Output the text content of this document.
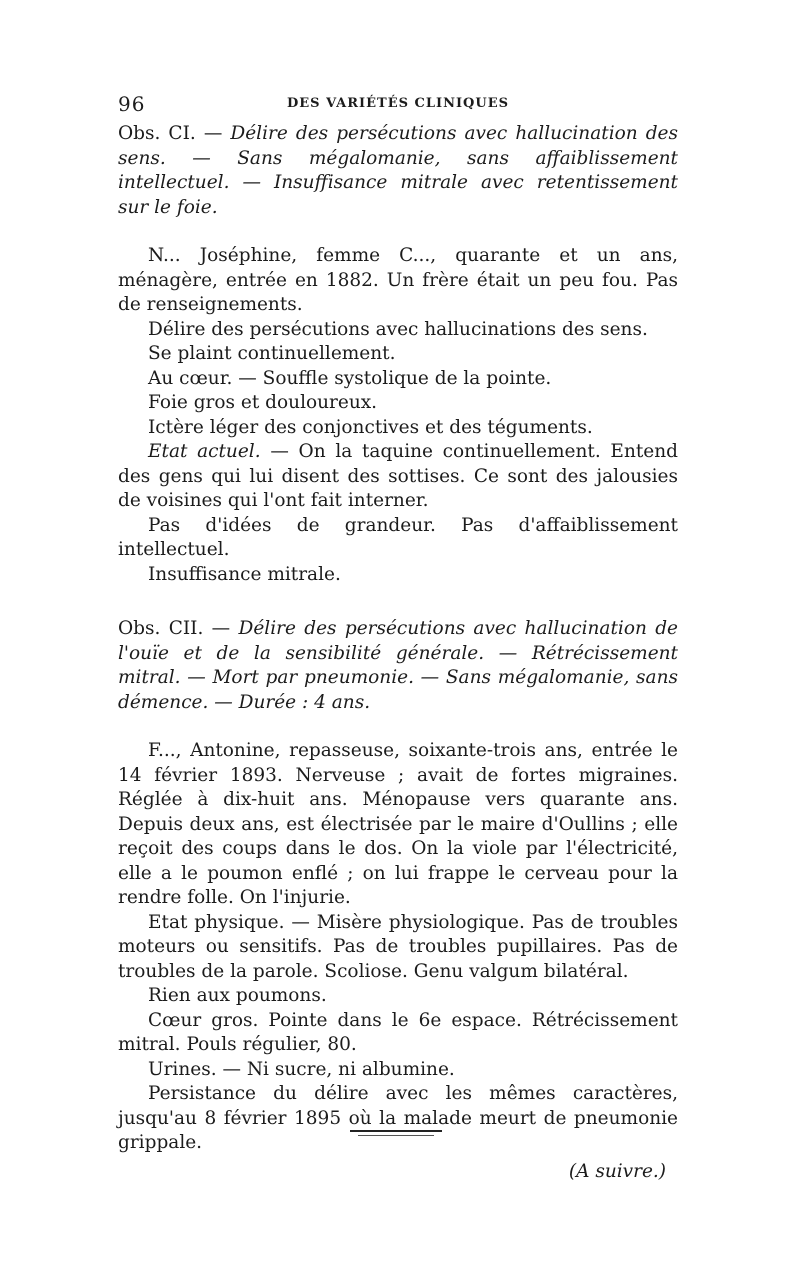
96	DES VARIÉTÉS CLINIQUES

Obs. CI. — Délire des persécutions avec hallucination des sens. — Sans mégalomanie, sans affaiblissement intellectuel. — Insuffisance mitrale avec retentissement sur le foie.

N... Joséphine, femme C..., quarante et un ans, ménagère, entrée en 1882. Un frère était un peu fou. Pas de renseignements.

Délire des persécutions avec hallucinations des sens.

Se plaint continuellement.

Au cœur. — Souffle systolique de la pointe.

Foie gros et douloureux.

Ictère léger des conjonctives et des téguments.

Etat actuel. — On la taquine continuellement. Entend des gens qui lui disent des sottises. Ce sont des jalousies de voisines qui l'ont fait interner.

Pas d'idées de grandeur. Pas d'affaiblissement intellectuel.

Insuffisance mitrale.

Obs. CII. — Délire des persécutions avec hallucination de l'ouïe et de la sensibilité générale. — Rétrécissement mitral. — Mort par pneumonie. — Sans mégalomanie, sans démence. — Durée : 4 ans.

F..., Antonine, repasseuse, soixante-trois ans, entrée le 14 février 1893. Nerveuse ; avait de fortes migraines. Réglée à dix-huit ans. Ménopause vers quarante ans. Depuis deux ans, est électrisée par le maire d'Oullins ; elle reçoit des coups dans le dos. On la viole par l'électricité, elle a le poumon enflé ; on lui frappe le cerveau pour la rendre folle. On l'injurie.

Etat physique. — Misère physiologique. Pas de troubles moteurs ou sensitifs. Pas de troubles pupillaires. Pas de troubles de la parole. Scoliose. Genu valgum bilatéral.

Rien aux poumons.

Cœur gros. Pointe dans le 6e espace. Rétrécissement mitral. Pouls régulier, 80.

Urines. — Ni sucre, ni albumine.

Persistance du délire avec les mêmes caractères, jusqu'au 8 février 1895 où la malade meurt de pneumonie grippale.

(A suivre.)
